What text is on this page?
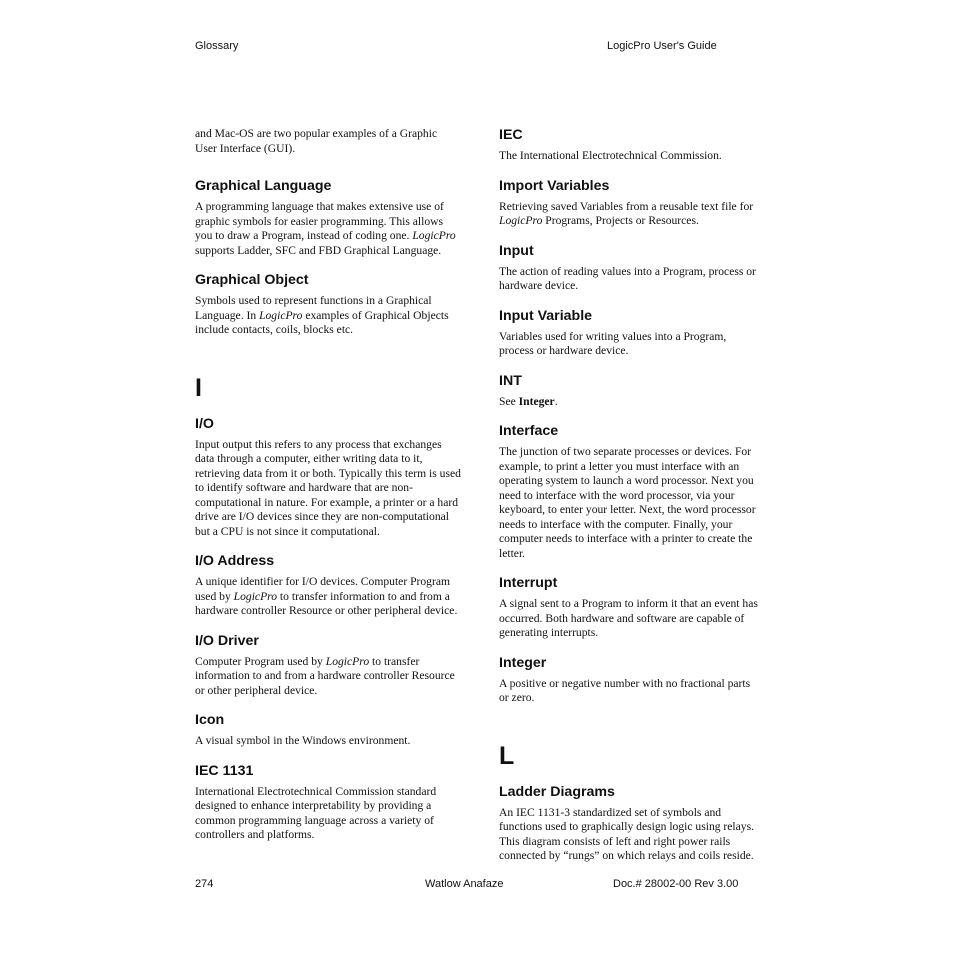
Glossary	LogicPro User's Guide

and Mac-OS are two popular examples of a Graphic User Interface (GUI).

Graphical Language

A programming language that makes extensive use of graphic symbols for easier programming. This allows you to draw a Program, instead of coding one. LogicPro supports Ladder, SFC and FBD Graphical Language.

Graphical Object

Symbols used to represent functions in a Graphical Language. In LogicPro examples of Graphical Objects include contacts, coils, blocks etc.

I
I/O

Input output this refers to any process that exchanges data through a computer, either writing data to it, retrieving data from it or both. Typically this term is used to identify software and hardware that are non-computational in nature. For example, a printer or a hard drive are I/O devices since they are non-computational but a CPU is not since it computational.

I/O Address

A unique identifier for I/O devices. Computer Program used by LogicPro to transfer information to and from a hardware controller Resource or other peripheral device.

I/O Driver

Computer Program used by LogicPro to transfer information to and from a hardware controller Resource or other peripheral device.

Icon

A visual symbol in the Windows environment.

IEC 1131

International Electrotechnical Commission standard designed to enhance interpretability by providing a common programming language across a variety of controllers and platforms.

IEC

The International Electrotechnical Commission.

Import Variables

Retrieving saved Variables from a reusable text file for LogicPro Programs, Projects or Resources.

Input

The action of reading values into a Program, process or hardware device.

Input Variable

Variables used for writing values into a Program, process or hardware device.

INT

See Integer.

Interface

The junction of two separate processes or devices. For example, to print a letter you must interface with an operating system to launch a word processor. Next you need to interface with the word processor, via your keyboard, to enter your letter. Next, the word processor needs to interface with the computer. Finally, your computer needs to interface with a printer to create the letter.

Interrupt

A signal sent to a Program to inform it that an event has occurred. Both hardware and software are capable of generating interrupts.

Integer

A positive or negative number with no fractional parts or zero.

L
Ladder Diagrams

An IEC 1131-3 standardized set of symbols and functions used to graphically design logic using relays. This diagram consists of left and right power rails connected by “rungs” on which relays and coils reside.

274	Watlow Anafaze	Doc.# 28002-00 Rev 3.00
